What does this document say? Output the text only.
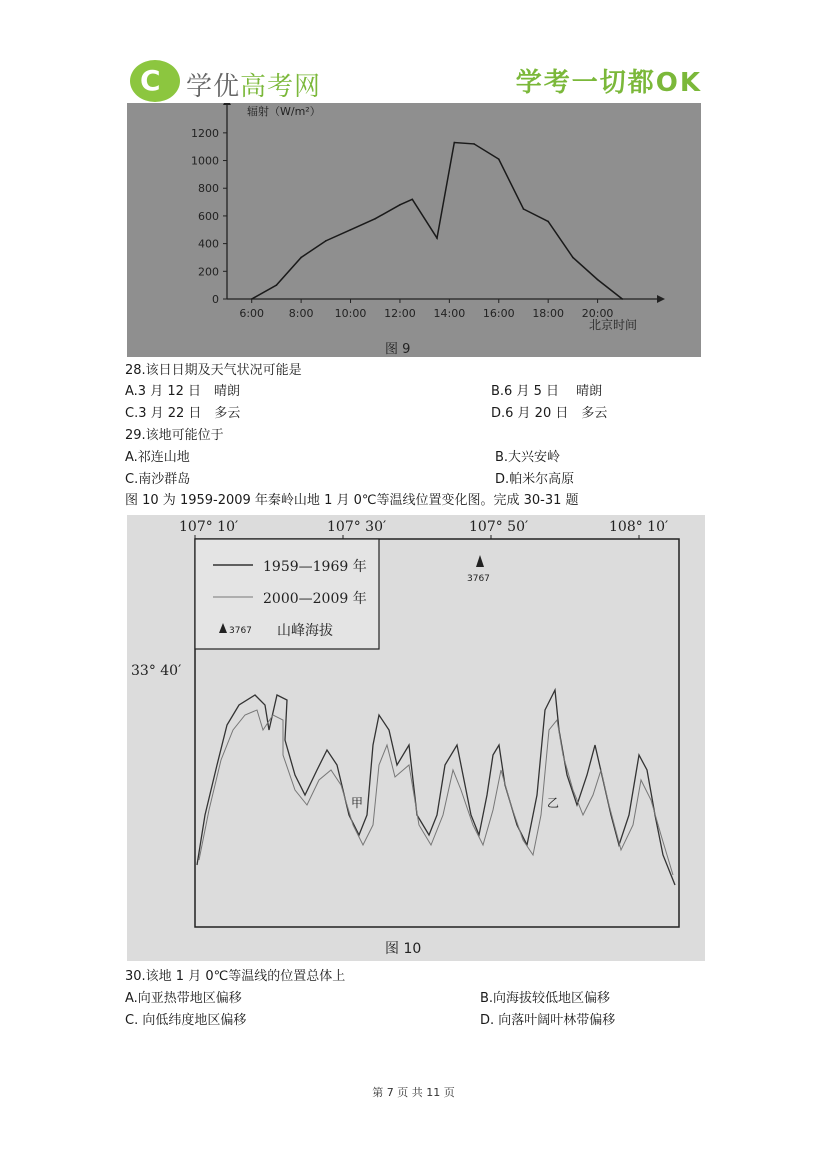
C 学优高考网	学考一切都OK
0
200
400
600
800
1000
1200
6:00 8:00 10:00 12:00 14:00 16:00 18:00 20:00
辐射（W/m²）
北京时间
图 9
28.该日日期及天气状况可能是
A.3 月 12 日　晴朗	B.6 月 5 日　 晴朗
C.3 月 22 日　多云	D.6 月 20 日　多云
29.该地可能位于
A.祁连山地	B.大兴安岭
C.南沙群岛	D.帕米尔高原
图 10 为 1959-2009 年秦岭山地 1 月 0℃等温线位置变化图。完成 30-31 题
107° 10′	107° 30′	107° 50′	108° 10′
33° 40′
1959—1969 年
2000—2009 年
3767 山峰海拔
3767
甲	乙
图 10
30.该地 1 月 0℃等温线的位置总体上
A.向亚热带地区偏移	B.向海拔较低地区偏移
C. 向低纬度地区偏移	D. 向落叶阔叶林带偏移
第 7 页 共 11 页
